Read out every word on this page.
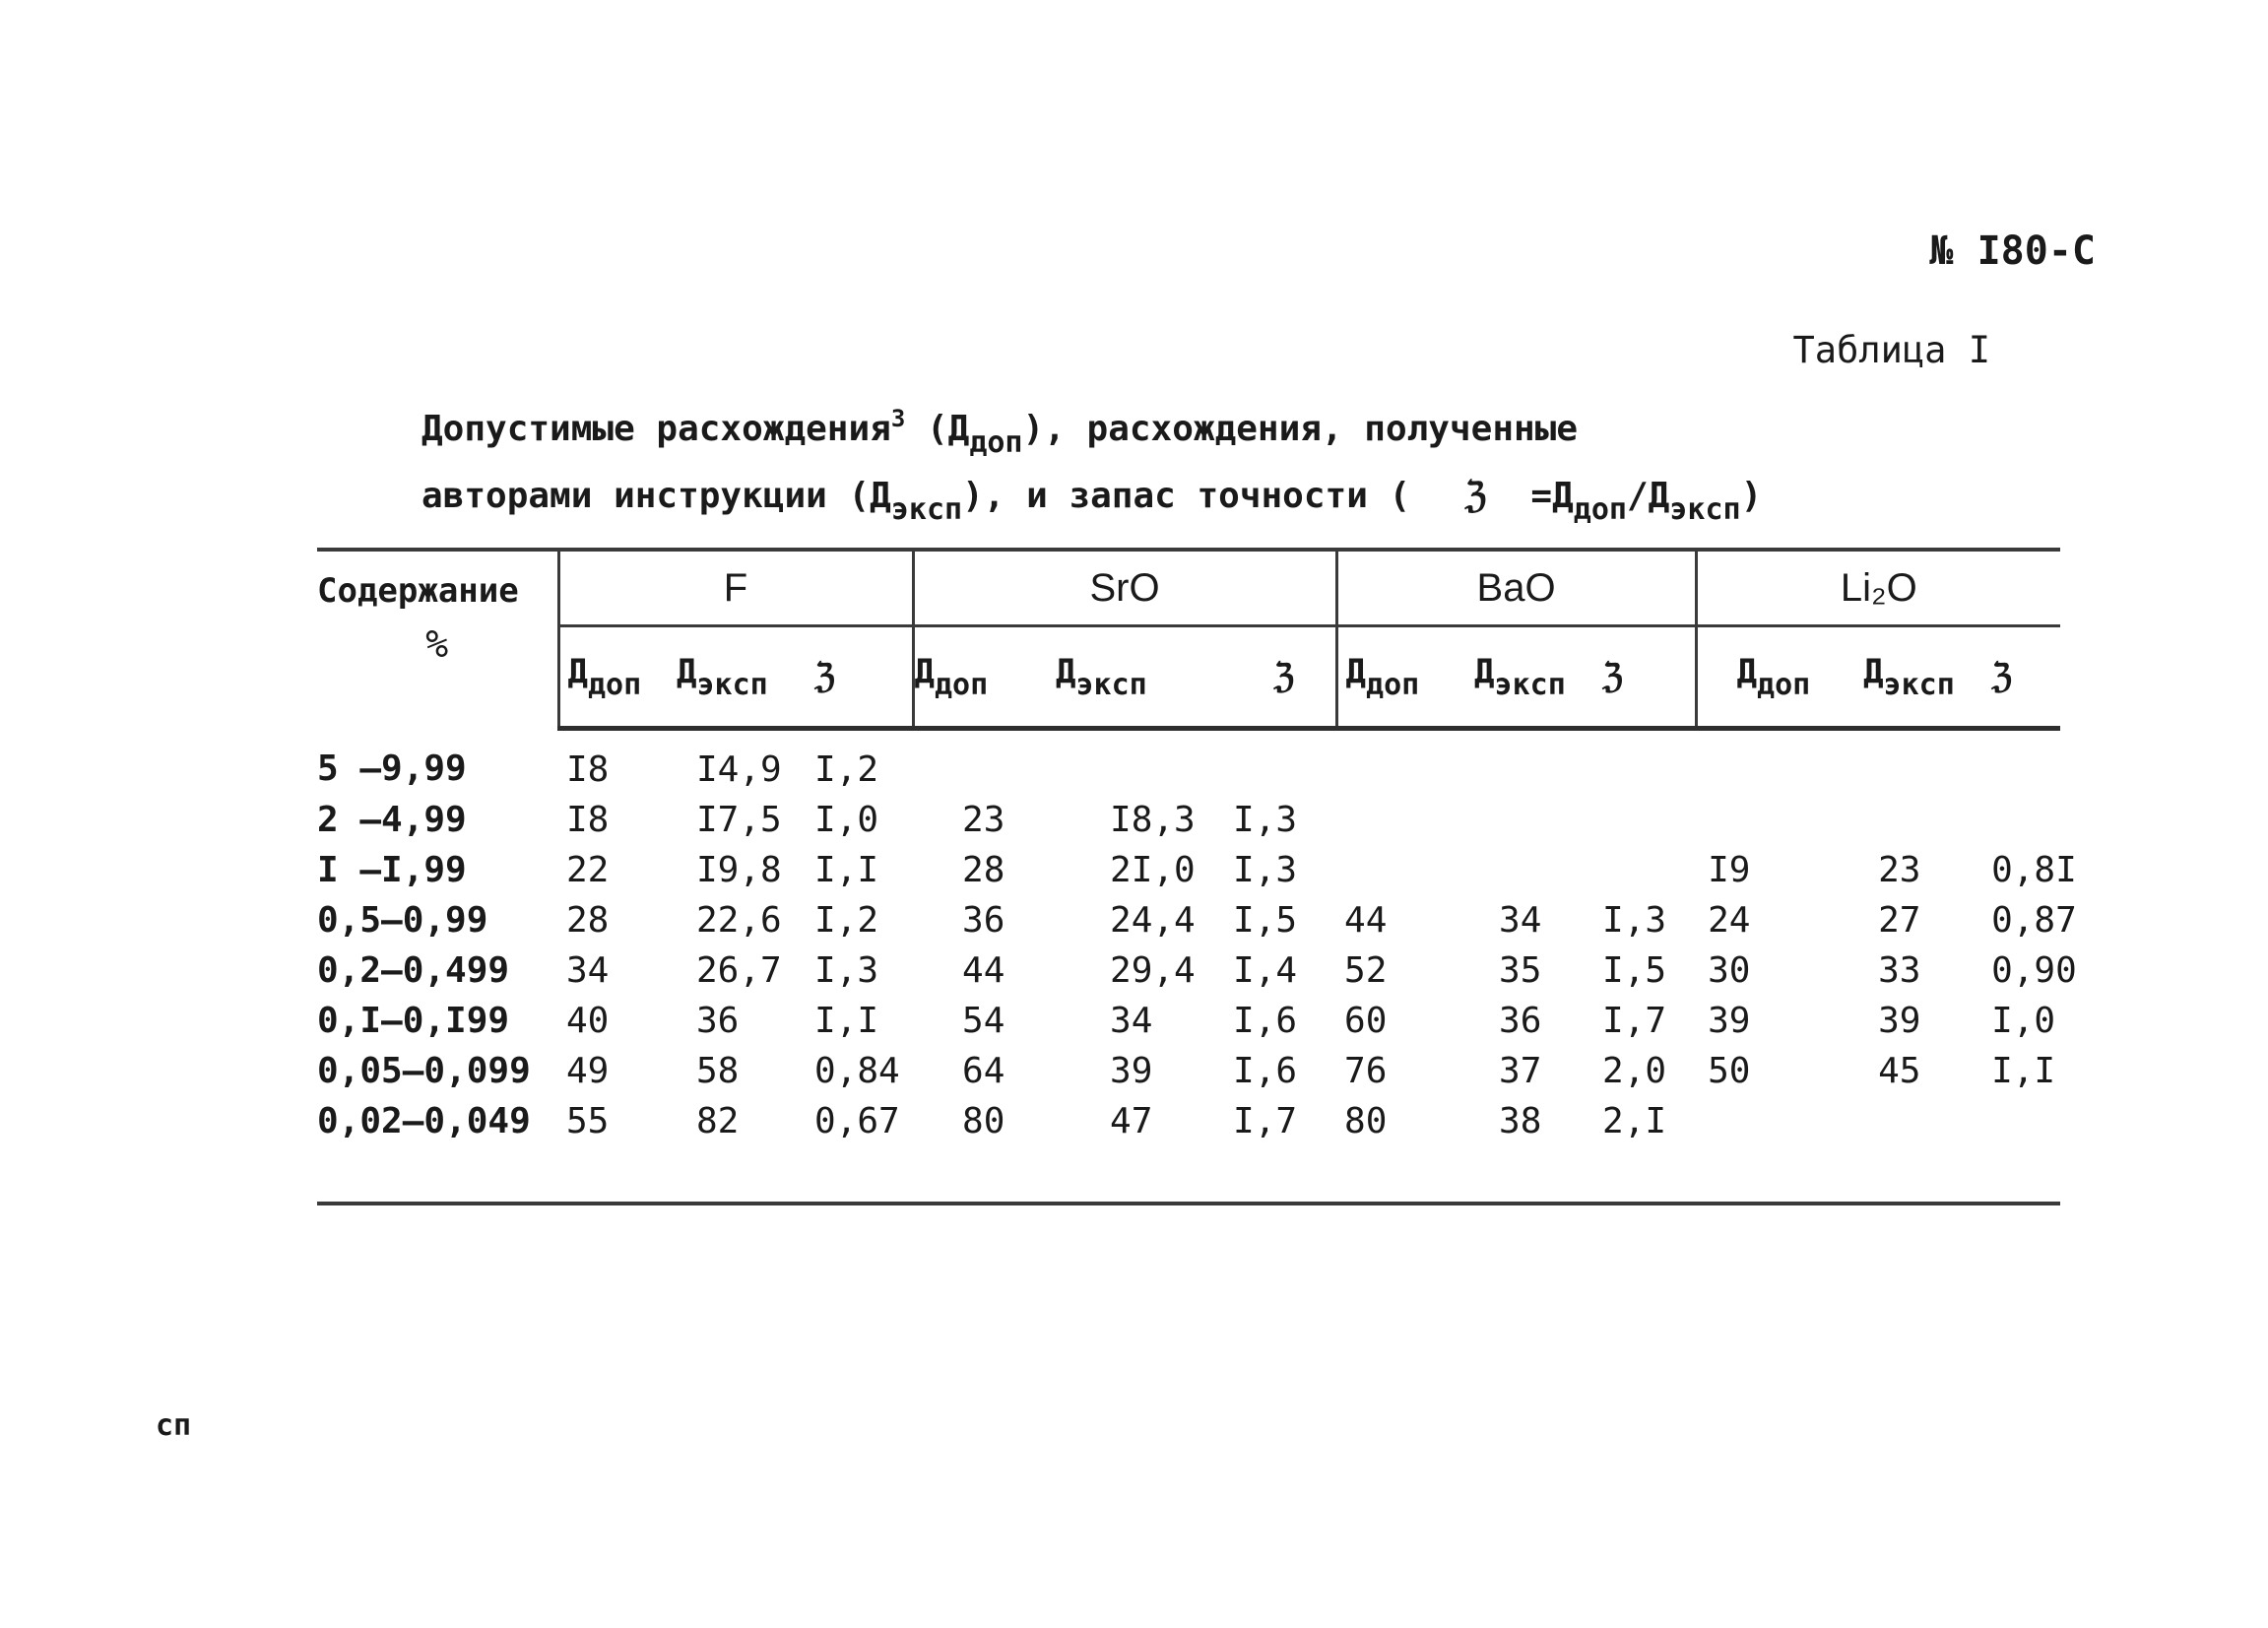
№ I80-С
Таблица I
Допустимые расхождения$^3$ $(Д_{доп})$, расхождения, полученные
авторами инструкции $(Д_{эксп})$, и запас точности ( ℨ $=Д_{доп}/Д_{эксп}$)
Содержание
%	F			SrO			BaO			Li₂O		
	$Д_{доп}$	$Д_{эксп}$	ℨ	$Д_{доп}$	$Д_{эксп}$	ℨ	$Д_{доп}$	$Д_{эксп}$	ℨ	$Д_{доп}$	$Д_{эксп}$	ℨ
5 –9,99	I8	I4,9	I,2									
2 –4,99	I8	I7,5	I,0	23	I8,3	I,3						
I –I,99	22	I9,8	I,I	28	2I,0	I,3				I9	23	0,8I
0,5–0,99	28	22,6	I,2	36	24,4	I,5	44	34	I,3	24	27	0,87
0,2–0,499	34	26,7	I,3	44	29,4	I,4	52	35	I,5	30	33	0,90
0,I–0,I99	40	36	I,I	54	34	I,6	60	36	I,7	39	39	I,0
0,05–0,099	49	58	0,84	64	39	I,6	76	37	2,0	50	45	I,I
0,02–0,049	55	82	0,67	80	47	I,7	80	38	2,I			

сп
